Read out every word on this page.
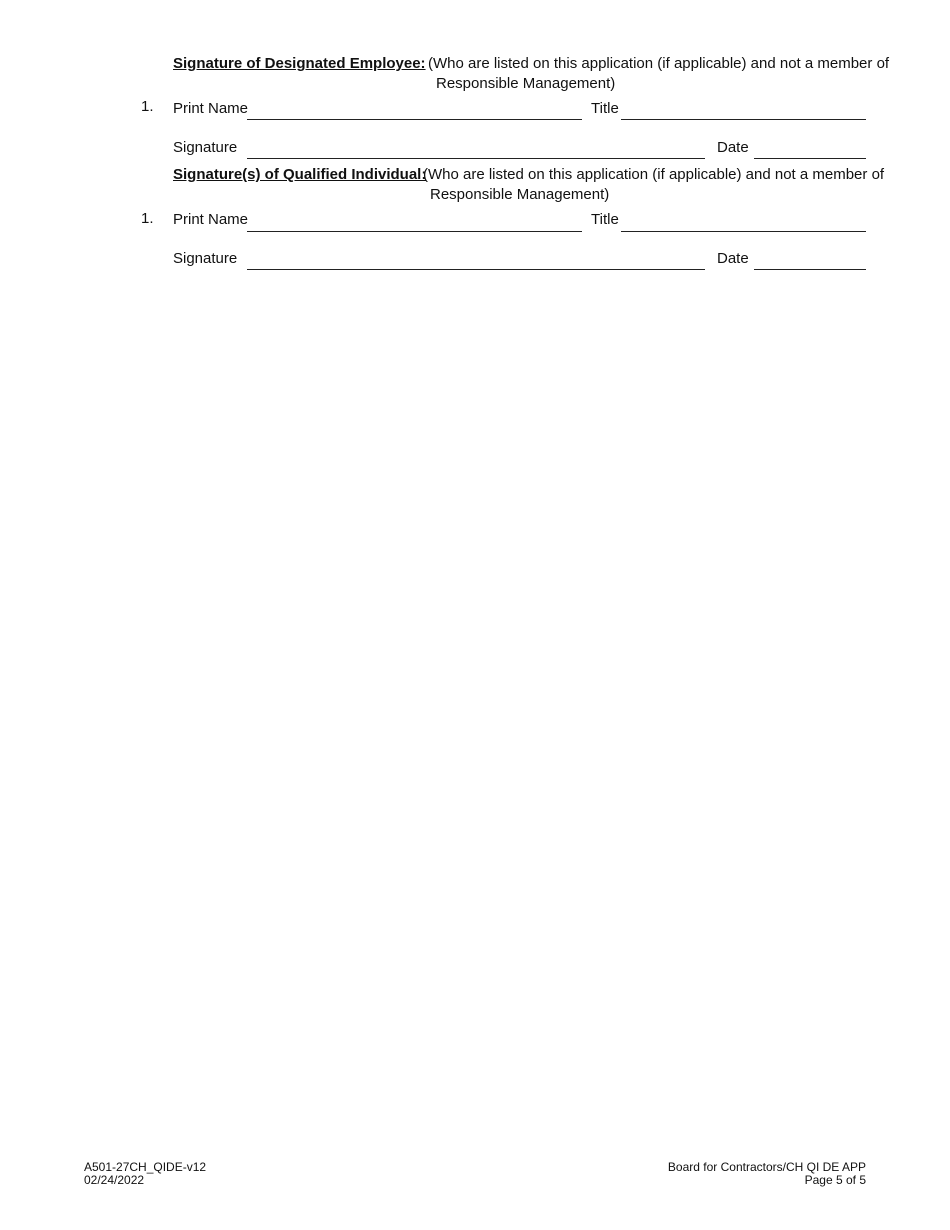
Signature of Designated Employee: (Who are listed on this application (if applicable) and not a member of
Responsible Management)
1. Print Name	Title
Signature	Date
Signature(s) of Qualified Individual:
(Who are listed on this application (if applicable) and not a member of
Responsible Management)
1. Print Name	Title
Signature	Date
A501-27CH_QIDE-v12
02/24/2022
Board for Contractors/CH QI DE APP
Page 5 of 5
